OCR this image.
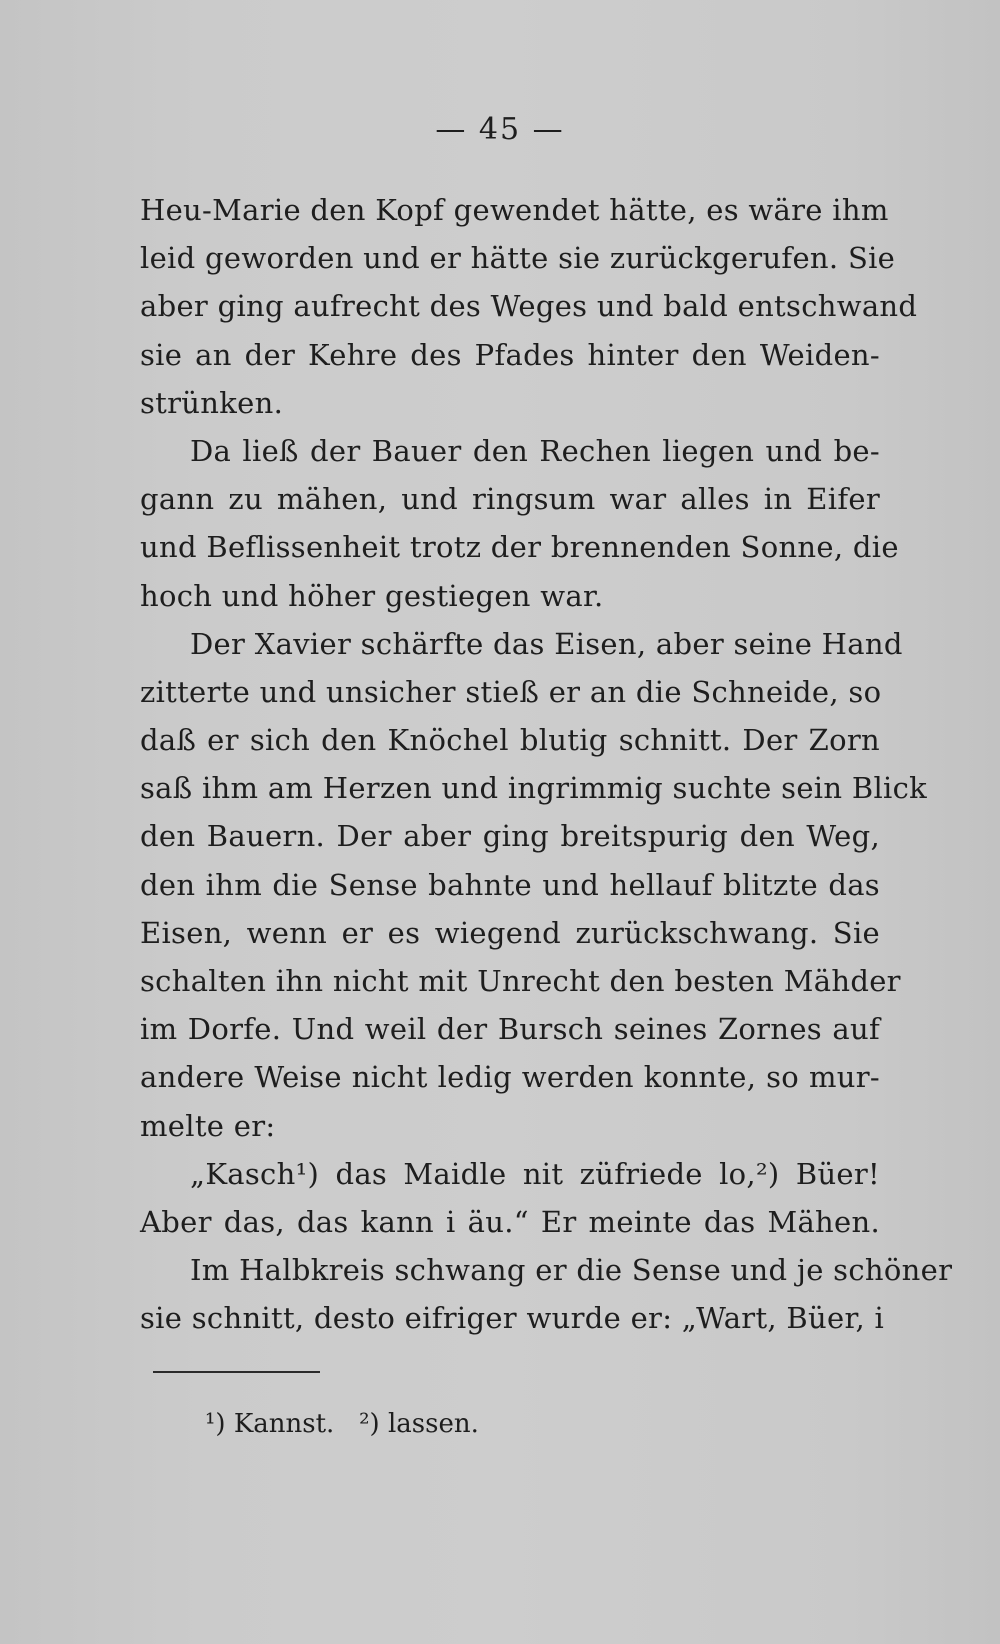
— 45 —
Heu-Marie den Kopf gewendet hätte, es wäre ihm
leid geworden und er hätte sie zurückgerufen. Sie
aber ging aufrecht des Weges und bald entschwand
sie an der Kehre des Pfades hinter den Weiden-
strünken.
Da ließ der Bauer den Rechen liegen und be-
gann zu mähen, und ringsum war alles in Eifer
und Beflissenheit trotz der brennenden Sonne, die
hoch und höher gestiegen war.
Der Xavier schärfte das Eisen, aber seine Hand
zitterte und unsicher stieß er an die Schneide, so
daß er sich den Knöchel blutig schnitt. Der Zorn
saß ihm am Herzen und ingrimmig suchte sein Blick
den Bauern. Der aber ging breitspurig den Weg,
den ihm die Sense bahnte und hellauf blitzte das
Eisen, wenn er es wiegend zurückschwang. Sie
schalten ihn nicht mit Unrecht den besten Mähder
im Dorfe. Und weil der Bursch seines Zornes auf
andere Weise nicht ledig werden konnte, so mur-
melte er:
„Kasch¹) das Maidle nit züfriede lo,²) Büer!
Aber das, das kann i äu.“ Er meinte das Mähen.
Im Halbkreis schwang er die Sense und je schöner
sie schnitt, desto eifriger wurde er: „Wart, Büer, i
¹) Kannst. ²) lassen.
